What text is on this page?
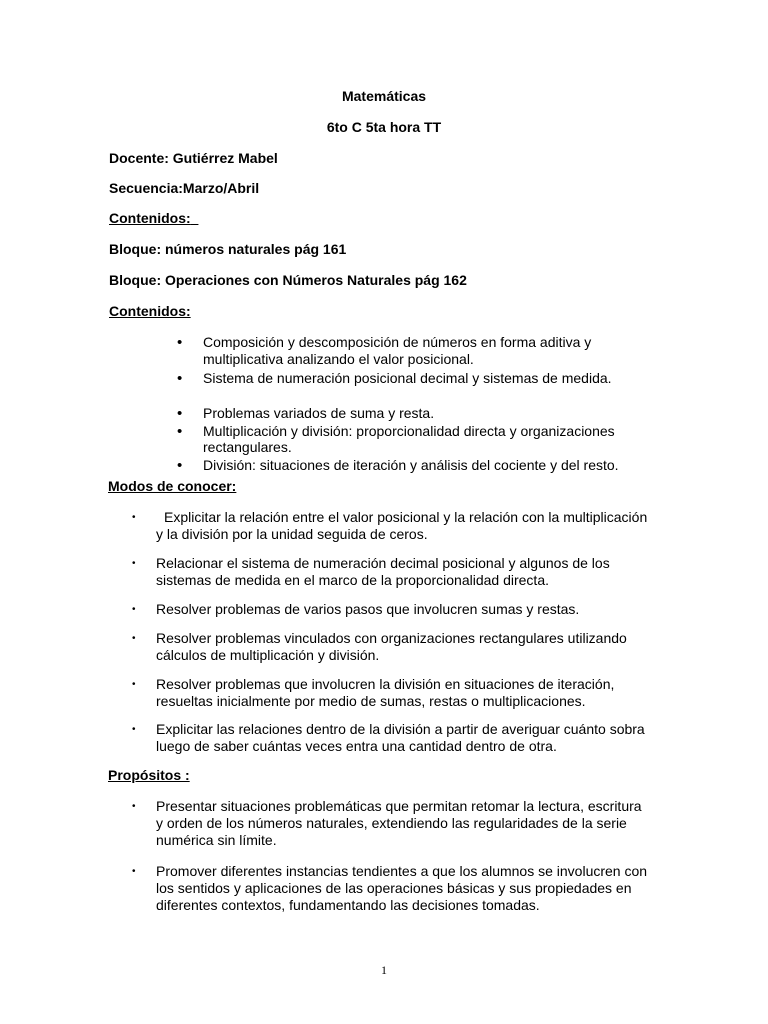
Matemáticas
6to C 5ta hora TT
Docente: Gutiérrez Mabel
Secuencia:Marzo/Abril
Contenidos:
Bloque: números naturales pág 161
Bloque: Operaciones con Números Naturales pág 162
Contenidos:
•
Composición y descomposición de números en forma aditiva y
multiplicativa analizando el valor posicional.
•
Sistema de numeración posicional decimal y sistemas de medida.
•
Problemas variados de suma y resta.
•
Multiplicación y división: proporcionalidad directa y organizaciones
rectangulares.
•
División: situaciones de iteración y análisis del cociente y del resto.
Modos de conocer:
•
Explicitar la relación entre el valor posicional y la relación con la multiplicación
y la división por la unidad seguida de ceros.
•
Relacionar el sistema de numeración decimal posicional y algunos de los
sistemas de medida en el marco de la proporcionalidad directa.
•
Resolver problemas de varios pasos que involucren sumas y restas.
•
Resolver problemas vinculados con organizaciones rectangulares utilizando
cálculos de multiplicación y división.
•
Resolver problemas que involucren la división en situaciones de iteración,
resueltas inicialmente por medio de sumas, restas o multiplicaciones.
•
Explicitar las relaciones dentro de la división a partir de averiguar cuánto sobra
luego de saber cuántas veces entra una cantidad dentro de otra.
Propósitos :
•
Presentar situaciones problemáticas que permitan retomar la lectura, escritura
y orden de los números naturales, extendiendo las regularidades de la serie
numérica sin límite.
•
Promover diferentes instancias tendientes a que los alumnos se involucren con
los sentidos y aplicaciones de las operaciones básicas y sus propiedades en
diferentes contextos, fundamentando las decisiones tomadas.
1
